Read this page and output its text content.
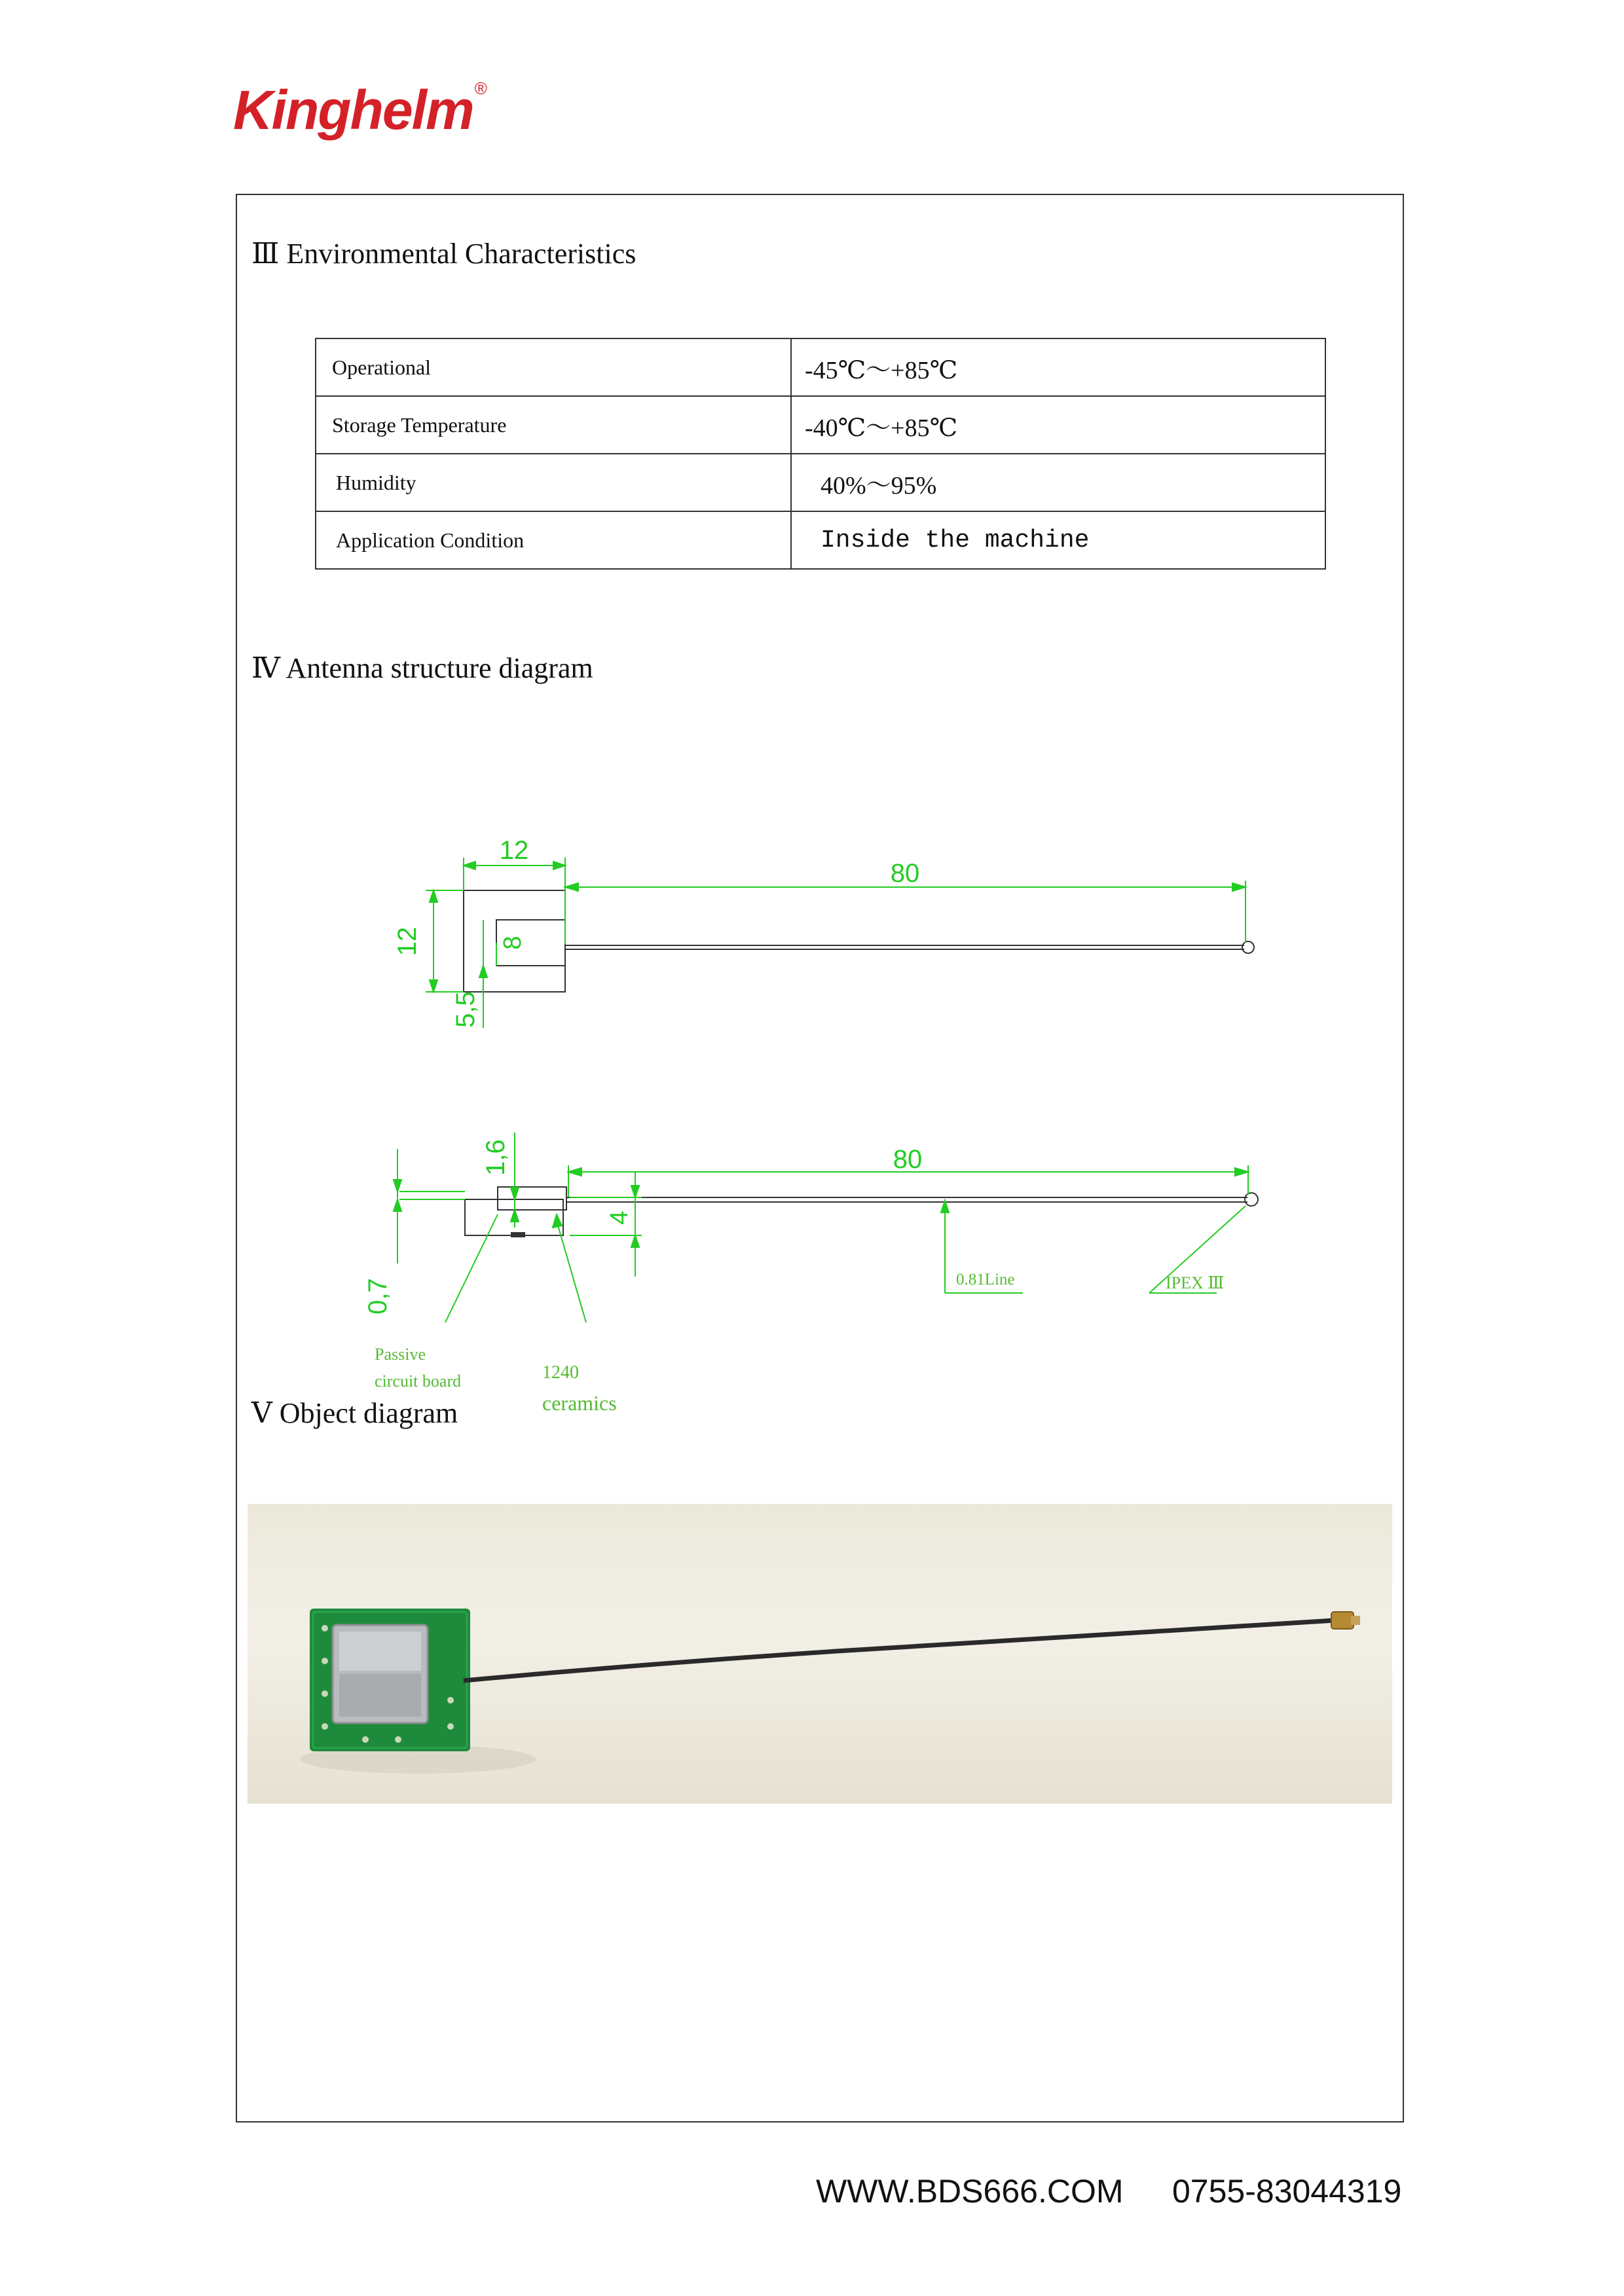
Kinghelm®
Ⅲ Environmental Characteristics
Operational	-45℃～+85℃
Storage Temperature	-40℃～+85℃
Humidity	40%～95%
Application Condition	Inside the machine
Ⅳ Antenna structure diagram
12
80
12	8
5,5
1,6	80
4
0,7
Passive
circuit board	1240
ceramics
0.81Line	IPEX Ⅲ
Ⅴ Object diagram
WWW.BDS666.COM 0755-83044319
